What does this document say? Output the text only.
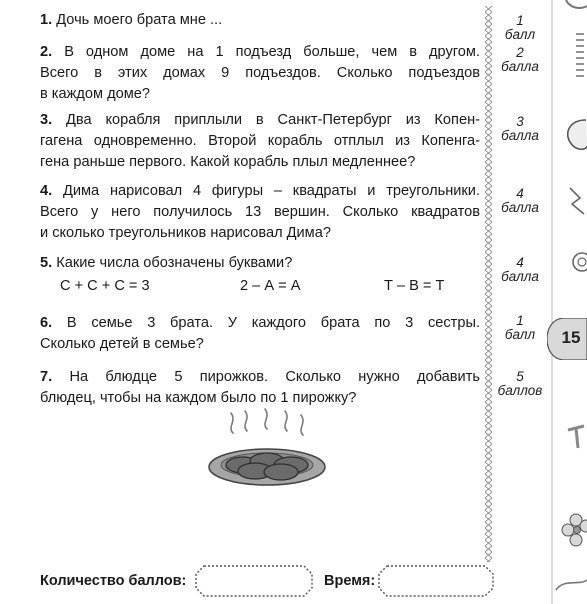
1. Дочь моего брата мне ...
2. В одном доме на 1 подъезд больше, чем в другом.
Всего в этих домах 9 подъездов. Сколько подъездов
в каждом доме?
3. Два корабля приплыли в Санкт-Петербург из Копен-
гагена одновременно. Второй корабль отплыл из Копенга-
гена раньше первого. Какой корабль плыл медленнее?
4. Дима нарисовал 4 фигуры – квадраты и треугольники.
Всего у него получилось 13 вершин. Сколько квадратов
и сколько треугольников нарисовал Дима?
5. Какие числа обозначены буквами?
С + С + С = 3	2 – А = А	Т – В = Т
6. В семье 3 брата. У каждого брата по 3 сестры.
Сколько детей в семье?
7. На блюдце 5 пирожков. Сколько нужно добавить
блюдец, чтобы на каждом было по 1 пирожку?
1
балл
2
балла
3
балла
4
балла
4
балла
1
балл
5
баллов
15
Количество баллов:	Время:
